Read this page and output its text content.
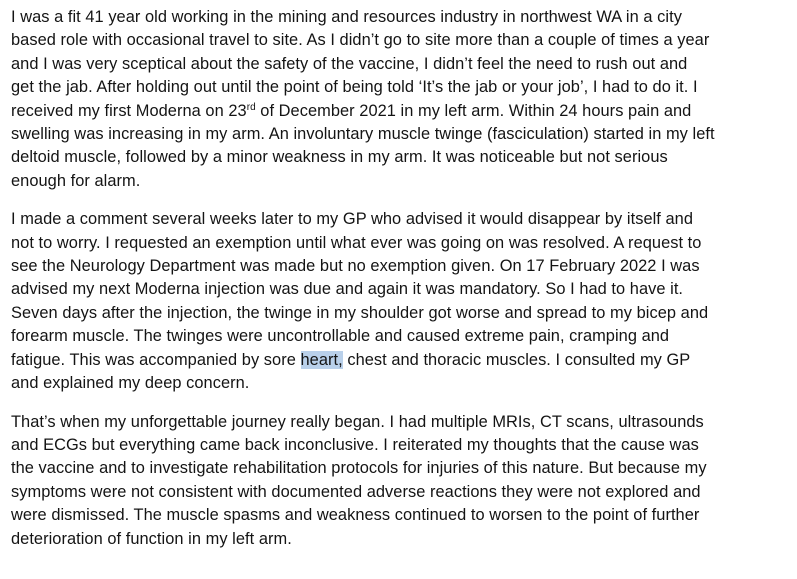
I was a fit 41 year old working in the mining and resources industry in northwest WA in a city
based role with occasional travel to site. As I didn’t go to site more than a couple of times a year
and I was very sceptical about the safety of the vaccine, I didn’t feel the need to rush out and
get the jab. After holding out until the point of being told ‘It’s the jab or your job’, I had to do it. I
received my first Moderna on 23rd of December 2021 in my left arm. Within 24 hours pain and
swelling was increasing in my arm. An involuntary muscle twinge (fasciculation) started in my left
deltoid muscle, followed by a minor weakness in my arm. It was noticeable but not serious
enough for alarm.

I made a comment several weeks later to my GP who advised it would disappear by itself and
not to worry. I requested an exemption until what ever was going on was resolved. A request to
see the Neurology Department was made but no exemption given. On 17 February 2022 I was
advised my next Moderna injection was due and again it was mandatory. So I had to have it.
Seven days after the injection, the twinge in my shoulder got worse and spread to my bicep and
forearm muscle. The twinges were uncontrollable and caused extreme pain, cramping and
fatigue. This was accompanied by sore heart, chest and thoracic muscles. I consulted my GP
and explained my deep concern.

That’s when my unforgettable journey really began. I had multiple MRIs, CT scans, ultrasounds
and ECGs but everything came back inconclusive. I reiterated my thoughts that the cause was
the vaccine and to investigate rehabilitation protocols for injuries of this nature. But because my
symptoms were not consistent with documented adverse reactions they were not explored and
were dismissed. The muscle spasms and weakness continued to worsen to the point of further
deterioration of function in my left arm.
